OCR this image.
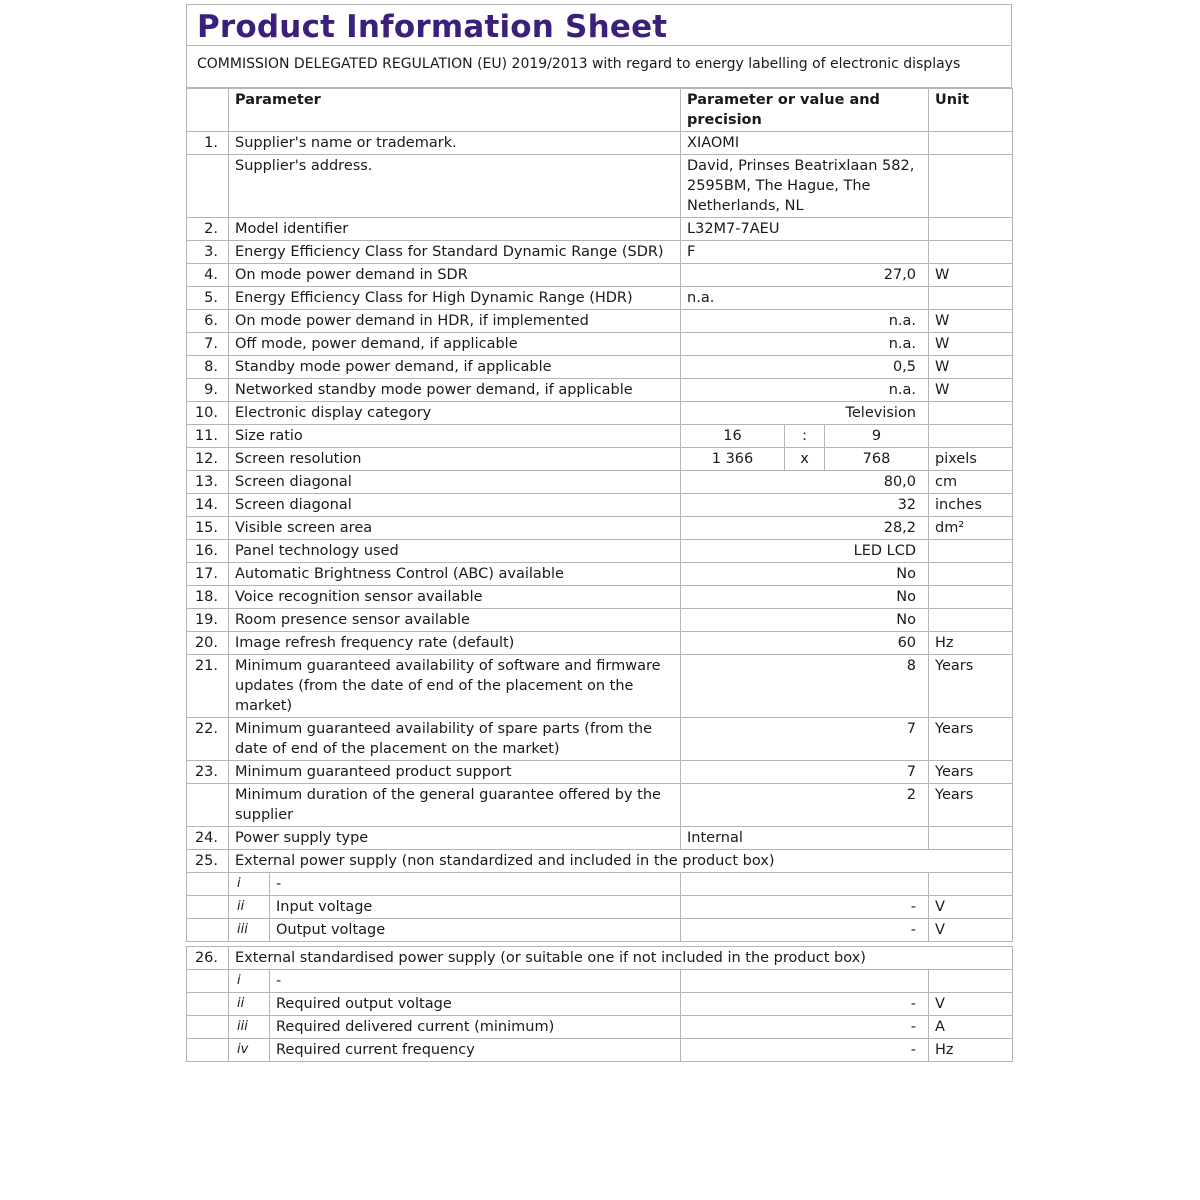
Product Information Sheet
COMMISSION DELEGATED REGULATION (EU) 2019/2013 with regard to energy labelling of electronic displays
	Parameter		Parameter or value and precision			Unit
1.	Supplier's name or trademark.		XIAOMI			
	Supplier's address.		David, Prinses Beatrixlaan 582, 2595BM, The Hague, The Netherlands, NL			
2.	Model identifier		L32M7-7AEU			
3.	Energy Efficiency Class for Standard Dynamic Range (SDR)		F			
4.	On mode power demand in SDR		27,0			W
5.	Energy Efficiency Class for High Dynamic Range (HDR)		n.a.			
6.	On mode power demand in HDR, if implemented		n.a.			W
7.	Off mode, power demand, if applicable		n.a.			W
8.	Standby mode power demand, if applicable		0,5			W
9.	Networked standby mode power demand, if applicable		n.a.			W
10.	Electronic display category		Television			
11.	Size ratio		16	:	9	
12.	Screen resolution		1 366	x	768	pixels
13.	Screen diagonal		80,0			cm
14.	Screen diagonal		32			inches
15.	Visible screen area		28,2			dm²
16.	Panel technology used		LED LCD			
17.	Automatic Brightness Control (ABC) available		No			
18.	Voice recognition sensor available		No			
19.	Room presence sensor available		No			
20.	Image refresh frequency rate (default)		60			Hz
21.	Minimum guaranteed availability of software and firmware updates (from the date of end of the placement on the market)		8			Years
22.	Minimum guaranteed availability of spare parts (from the date of end of the placement on the market)		7			Years
23.	Minimum guaranteed product support		7			Years
	Minimum duration of the general guarantee offered by the supplier		2			Years
24.	Power supply type		Internal			
25.	External power supply (non standardized and included in the product box)					
	i	-				
	ii	Input voltage	-			V
	iii	Output voltage	-			V

26.	External standardised power supply (or suitable one if not included in the product box)					
	i	-				
	ii	Required output voltage	-			V
	iii	Required delivered current (minimum)	-			A
	iv	Required current frequency	-			Hz
